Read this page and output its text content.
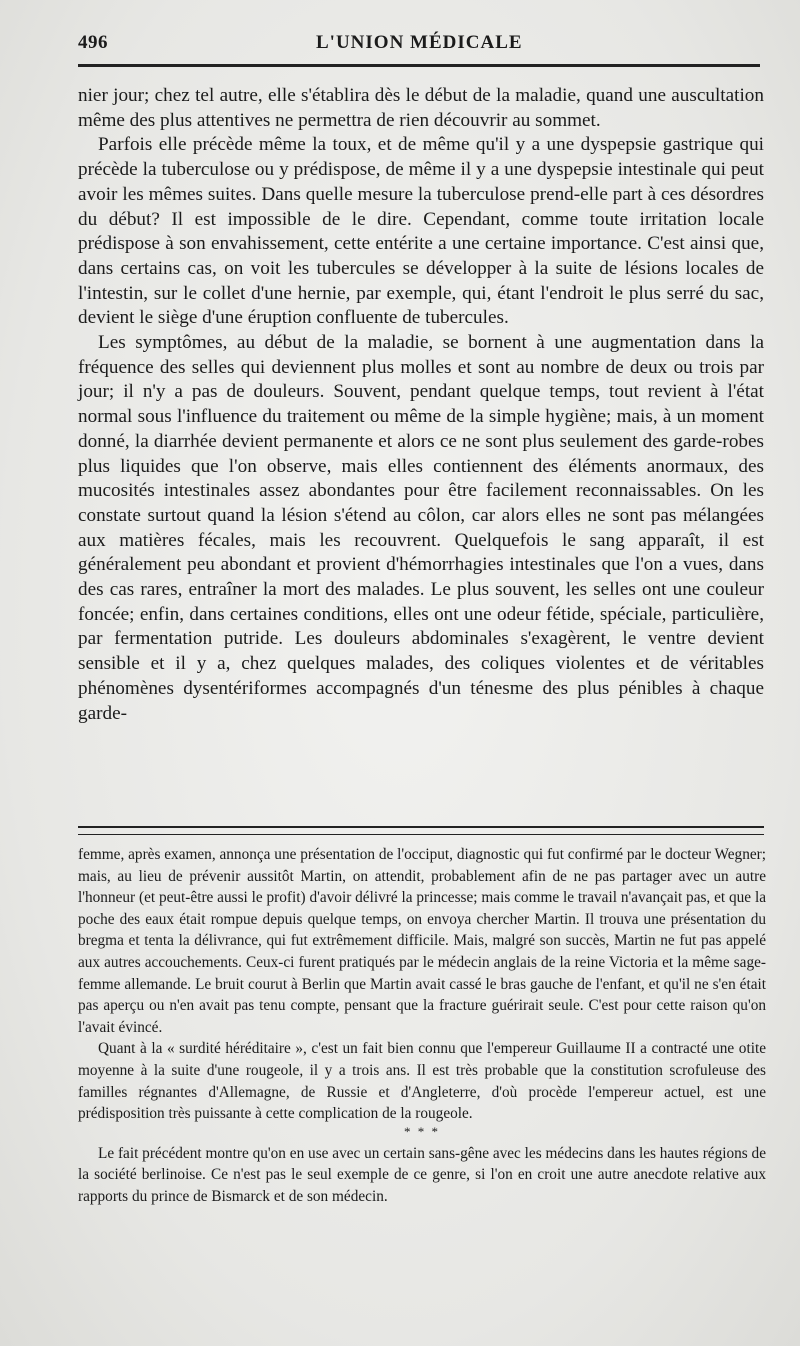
496	L'UNION MÉDICALE

nier jour; chez tel autre, elle s'établira dès le début de la maladie, quand une auscultation même des plus attentives ne permettra de rien découvrir au sommet.

Parfois elle précède même la toux, et de même qu'il y a une dyspepsie gastrique qui précède la tuberculose ou y prédispose, de même il y a une dyspepsie intestinale qui peut avoir les mêmes suites. Dans quelle mesure la tuberculose prend-elle part à ces désordres du début? Il est impossible de le dire. Cependant, comme toute irritation locale prédispose à son envahissement, cette entérite a une certaine importance. C'est ainsi que, dans certains cas, on voit les tubercules se développer à la suite de lésions locales de l'intestin, sur le collet d'une hernie, par exemple, qui, étant l'endroit le plus serré du sac, devient le siège d'une éruption confluente de tubercules.

Les symptômes, au début de la maladie, se bornent à une augmentation dans la fréquence des selles qui deviennent plus molles et sont au nombre de deux ou trois par jour; il n'y a pas de douleurs. Souvent, pendant quelque temps, tout revient à l'état normal sous l'influence du traitement ou même de la simple hygiène; mais, à un moment donné, la diarrhée devient permanente et alors ce ne sont plus seulement des garde-robes plus liquides que l'on observe, mais elles contiennent des éléments anormaux, des mucosités intestinales assez abondantes pour être facilement reconnaissables. On les constate surtout quand la lésion s'étend au côlon, car alors elles ne sont pas mélangées aux matières fécales, mais les recouvrent. Quelquefois le sang apparaît, il est généralement peu abondant et provient d'hémorrhagies intestinales que l'on a vues, dans des cas rares, entraîner la mort des malades. Le plus souvent, les selles ont une couleur foncée; enfin, dans certaines conditions, elles ont une odeur fétide, spéciale, particulière, par fermentation putride. Les douleurs abdominales s'exagèrent, le ventre devient sensible et il y a, chez quelques malades, des coliques violentes et de véritables phénomènes dysentériformes accompagnés d'un ténesme des plus pénibles à chaque garde-

femme, après examen, annonça une présentation de l'occiput, diagnostic qui fut confirmé par le docteur Wegner; mais, au lieu de prévenir aussitôt Martin, on attendit, probablement afin de ne pas partager avec un autre l'honneur (et peut-être aussi le profit) d'avoir délivré la princesse; mais comme le travail n'avançait pas, et que la poche des eaux était rompue depuis quelque temps, on envoya chercher Martin. Il trouva une présentation du bregma et tenta la délivrance, qui fut extrêmement difficile. Mais, malgré son succès, Martin ne fut pas appelé aux autres accouchements. Ceux-ci furent pratiqués par le médecin anglais de la reine Victoria et la même sage-femme allemande. Le bruit courut à Berlin que Martin avait cassé le bras gauche de l'enfant, et qu'il ne s'en était pas aperçu ou n'en avait pas tenu compte, pensant que la fracture guérirait seule. C'est pour cette raison qu'on l'avait évincé.

Quant à la « surdité héréditaire », c'est un fait bien connu que l'empereur Guillaume II a contracté une otite moyenne à la suite d'une rougeole, il y a trois ans. Il est très probable que la constitution scrofuleuse des familles régnantes d'Allemagne, de Russie et d'Angleterre, d'où procède l'empereur actuel, est une prédisposition très puissante à cette complication de la rougeole.

* * *

Le fait précédent montre qu'on en use avec un certain sans-gêne avec les médecins dans les hautes régions de la société berlinoise. Ce n'est pas le seul exemple de ce genre, si l'on en croit une autre anecdote relative aux rapports du prince de Bismarck et de son médecin.
